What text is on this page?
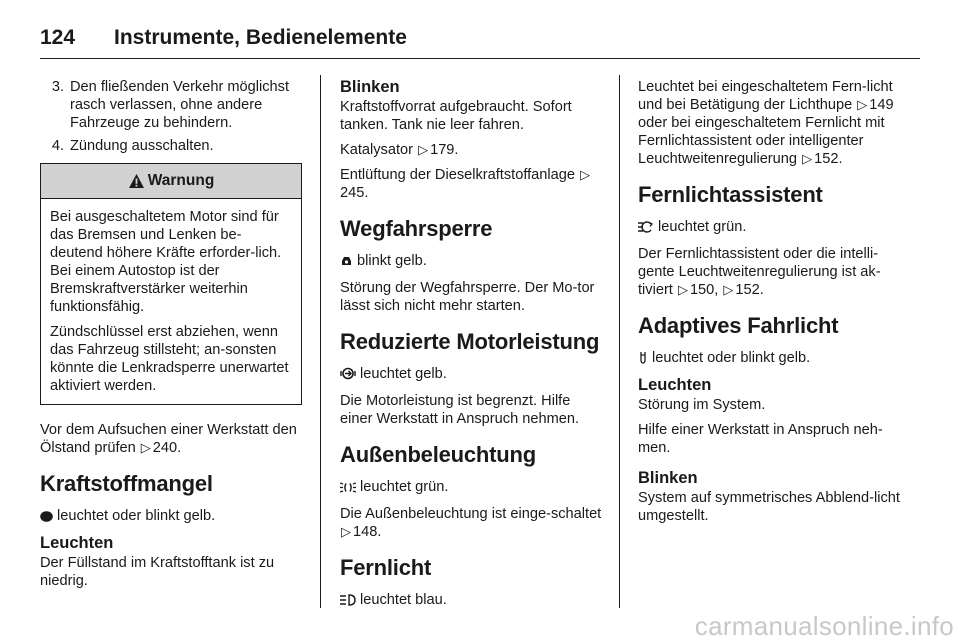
124	Instrumente, Bedienelemente
3. Den fließenden Verkehr möglichst rasch verlassen, ohne andere Fahrzeuge zu behindern.
4. Zündung ausschalten.
Warnung

Bei ausgeschaltetem Motor sind für das Bremsen und Lenken be-deutend höhere Kräfte erforder-lich. Bei einem Autostop ist der Bremskraftverstärker weiterhin funktionsfähig.

Zündschlüssel erst abziehen, wenn das Fahrzeug stillsteht; an-sonsten könnte die Lenkradsperre unerwartet aktiviert werden.

Vor dem Aufsuchen einer Werkstatt den Ölstand prüfen ▷ 240.

Kraftstoffmangel

leuchtet oder blinkt gelb.

Leuchten

Der Füllstand im Kraftstofftank ist zu niedrig.

Blinken

Kraftstoffvorrat aufgebraucht. Sofort tanken. Tank nie leer fahren.

Katalysator ▷ 179.

Entlüftung der Dieselkraftstoffanlage ▷245.

Wegfahrsperre

blinkt gelb.

Störung der Wegfahrsperre. Der Mo-tor lässt sich nicht mehr starten.

Reduzierte Motorleistung

leuchtet gelb.

Die Motorleistung ist begrenzt. Hilfe einer Werkstatt in Anspruch nehmen.

Außenbeleuchtung

leuchtet grün.

Die Außenbeleuchtung ist einge-schaltet ▷ 148.

Fernlicht

leuchtet blau.

Leuchtet bei eingeschaltetem Fern-licht und bei Betätigung der Lichthupe ▷ 149 oder bei eingeschaltetem Fernlicht mit Fernlichtassistent oder intelligenter Leuchtweitenregulierung ▷ 152.

Fernlichtassistent

leuchtet grün.

Der Fernlichtassistent oder die intelli-gente Leuchtweitenregulierung ist ak-tiviert ▷ 150, ▷ 152.

Adaptives Fahrlicht

leuchtet oder blinkt gelb.

Leuchten

Störung im System.

Hilfe einer Werkstatt in Anspruch neh-men.

Blinken

System auf symmetrisches Abblend-licht umgestellt.

carmanualsonline.info
